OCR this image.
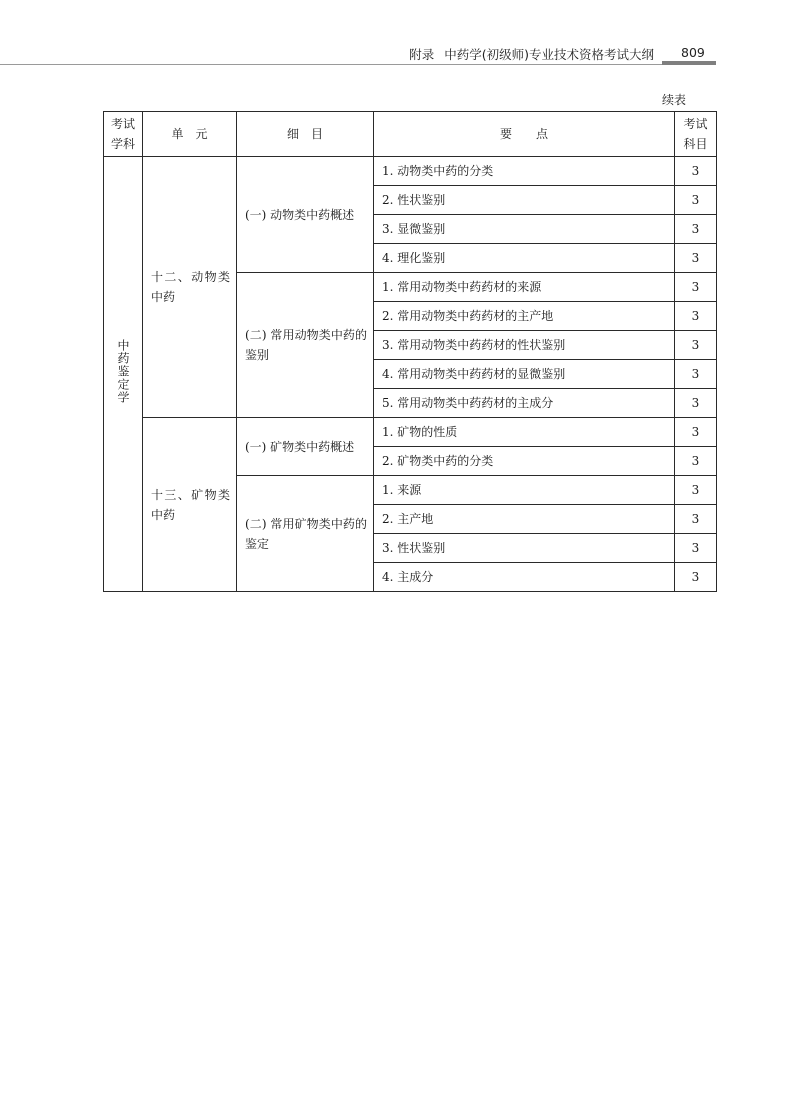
附录 中药学(初级师)专业技术资格考试大纲 809
续表
考试
学科	单　元	细　目	要　　点	考试
科目
中药鉴定学	十二、动物类中药	(一) 动物类中药概述	1. 动物类中药的分类	3
			2. 性状鉴别	3
			3. 显微鉴别	3
			4. 理化鉴别	3
		(二) 常用动物类中药的鉴别	1. 常用动物类中药药材的来源	3
			2. 常用动物类中药药材的主产地	3
			3. 常用动物类中药药材的性状鉴别	3
			4. 常用动物类中药药材的显微鉴别	3
			5. 常用动物类中药药材的主成分	3
	十三、矿物类中药	(一) 矿物类中药概述	1. 矿物的性质	3
			2. 矿物类中药的分类	3
		(二) 常用矿物类中药的鉴定	1. 来源	3
			2. 主产地	3
			3. 性状鉴别	3
			4. 主成分	3
